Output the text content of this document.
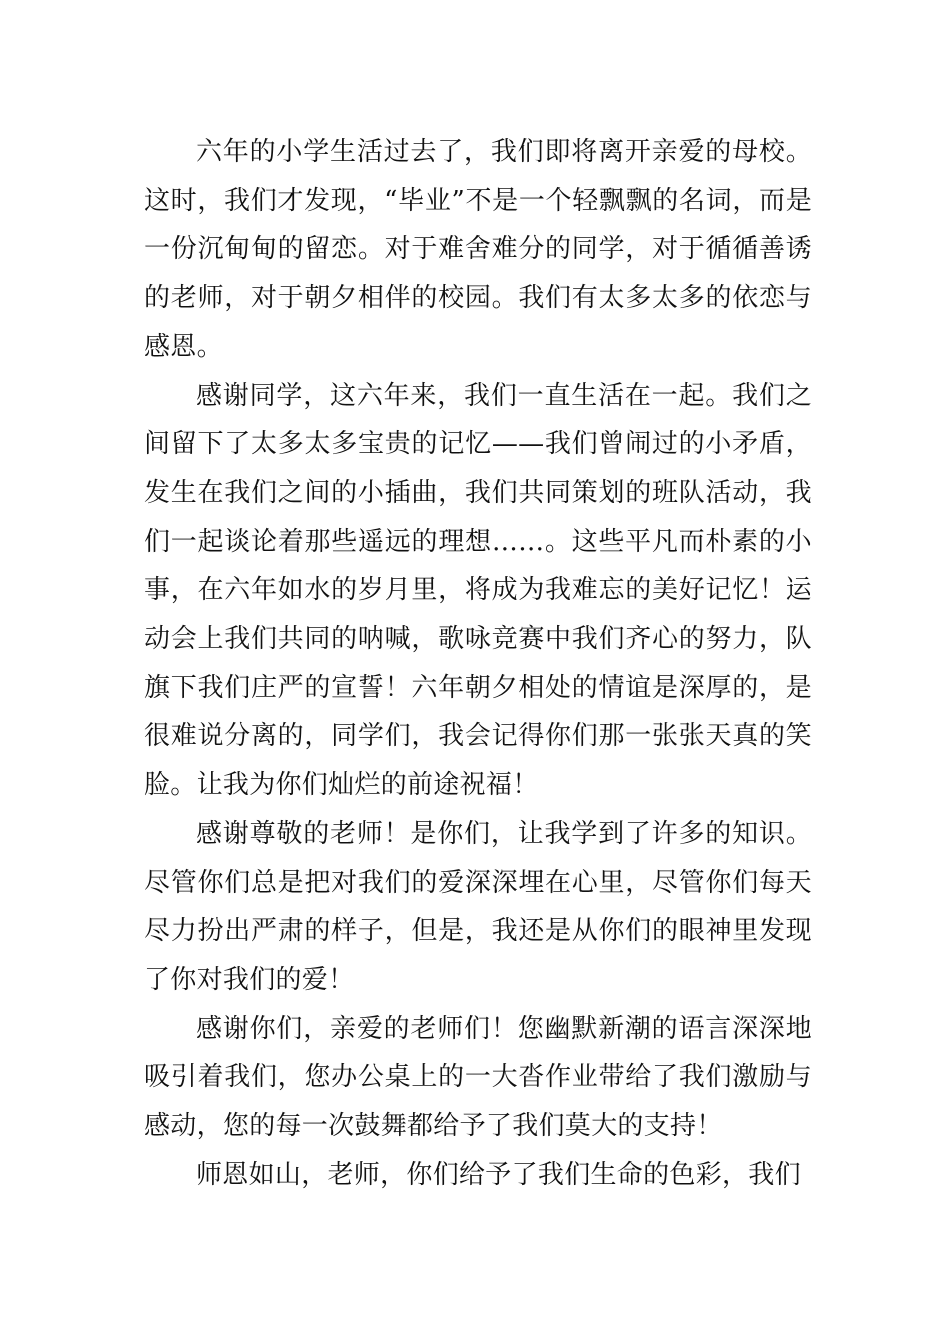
六年的小学生活过去了，我们即将离开亲爱的母校。这时，我们才发现，“毕业”不是一个轻飘飘的名词，而是一份沉甸甸的留恋。对于难舍难分的同学，对于循循善诱的老师，对于朝夕相伴的校园。我们有太多太多的依恋与感恩。

感谢同学，这六年来，我们一直生活在一起。我们之间留下了太多太多宝贵的记忆——我们曾闹过的小矛盾，发生在我们之间的小插曲，我们共同策划的班队活动，我们一起谈论着那些遥远的理想……。这些平凡而朴素的小事，在六年如水的岁月里，将成为我难忘的美好记忆！运动会上我们共同的呐喊，歌咏竞赛中我们齐心的努力，队旗下我们庄严的宣誓！六年朝夕相处的情谊是深厚的，是很难说分离的，同学们，我会记得你们那一张张天真的笑脸。让我为你们灿烂的前途祝福！

感谢尊敬的老师！是你们，让我学到了许多的知识。尽管你们总是把对我们的爱深深埋在心里，尽管你们每天尽力扮出严肃的样子，但是，我还是从你们的眼神里发现了你对我们的爱！

感谢你们，亲爱的老师们！您幽默新潮的语言深深地吸引着我们，您办公桌上的一大沓作业带给了我们激励与感动，您的每一次鼓舞都给予了我们莫大的支持！

师恩如山，老师，你们给予了我们生命的色彩，我们
